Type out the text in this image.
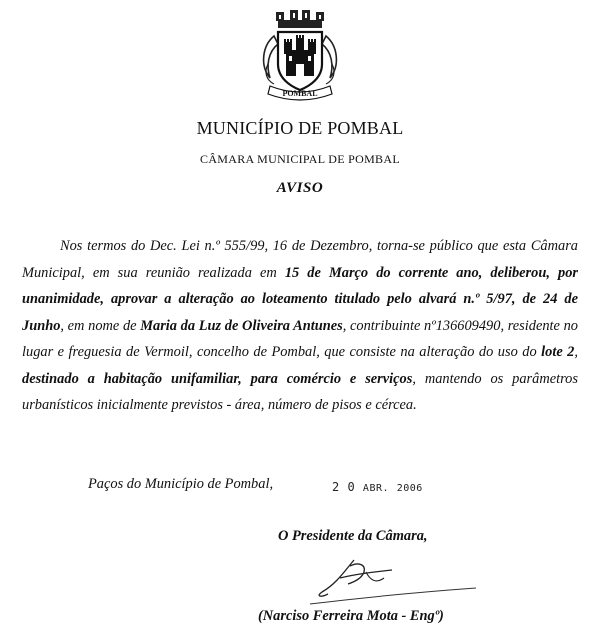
POMBAL
MUNICÍPIO DE POMBAL
CÂMARA MUNICIPAL DE POMBAL
AVISO
Nos termos do Dec. Lei n.º 555/99, 16 de Dezembro, torna-se público que esta Câmara Municipal, em sua reunião realizada em 15 de Março do corrente ano, deliberou, por unanimidade, aprovar a alteração ao loteamento titulado pelo alvará n.º 5/97, de 24 de Junho, em nome de Maria da Luz de Oliveira Antunes, contribuinte nº136609490, residente no lugar e freguesia de Vermoil, concelho de Pombal, que consiste na alteração do uso do lote 2, destinado a habitação unifamiliar, para comércio e serviços, mantendo os parâmetros urbanísticos inicialmente previstos - área, número de pisos e cércea.
Paços do Município de Pombal,	2 0 ABR. 2006
O Presidente da Câmara,
(Narciso Ferreira Mota - Engº)
